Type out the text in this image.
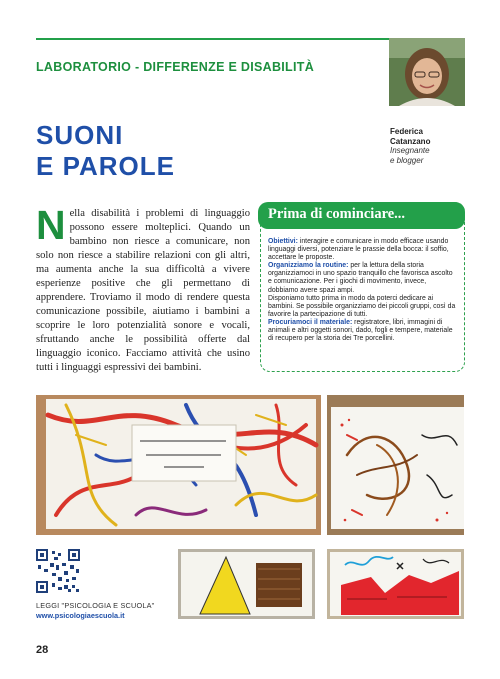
LABORATORIO - DIFFERENZE E DISABILITÀ
SUONI
E PAROLE
Federica
Catanzano
Insegnante
e blogger
Nella disabilità i problemi di linguaggio possono essere molteplici. Quando un bambino non riesce a comunicare, non solo non riesce a stabilire relazioni con gli altri, ma aumenta anche la sua difficoltà a vivere esperienze positive che gli permettano di apprendere. Troviamo il modo di rendere questa comunicazione possibile, aiutiamo i bambini a scoprire le loro potenzialità sonore e vocali, sfruttando anche le possibilità offerte dal linguaggio iconico. Facciamo attività che usino tutti i linguaggi espressivi dei bambini.
Prima di cominciare...

Obiettivi: interagire e comunicare in modo efficace usando linguaggi diversi, potenziare le prassie della bocca: il soffio, accettare le proposte.

Organizziamo la routine: per la lettura della storia organizziamoci in uno spazio tranquillo che favorisca ascolto e comunicazione. Per i giochi di movimento, invece, dobbiamo avere spazi ampi.

Disponiamo tutto prima in modo da poterci dedicare ai bambini. Se possibile organizziamo dei piccoli gruppi, così da favorire la partecipazione di tutti.

Procuriamoci il materiale: registratore, libri, immagini di animali e altri oggetti sonori, dado, fogli e tempere, materiale di recupero per la storia dei Tre porcellini.

LEGGI "PSICOLOGIA E SCUOLA"
www.psicologiaescuola.it
28
